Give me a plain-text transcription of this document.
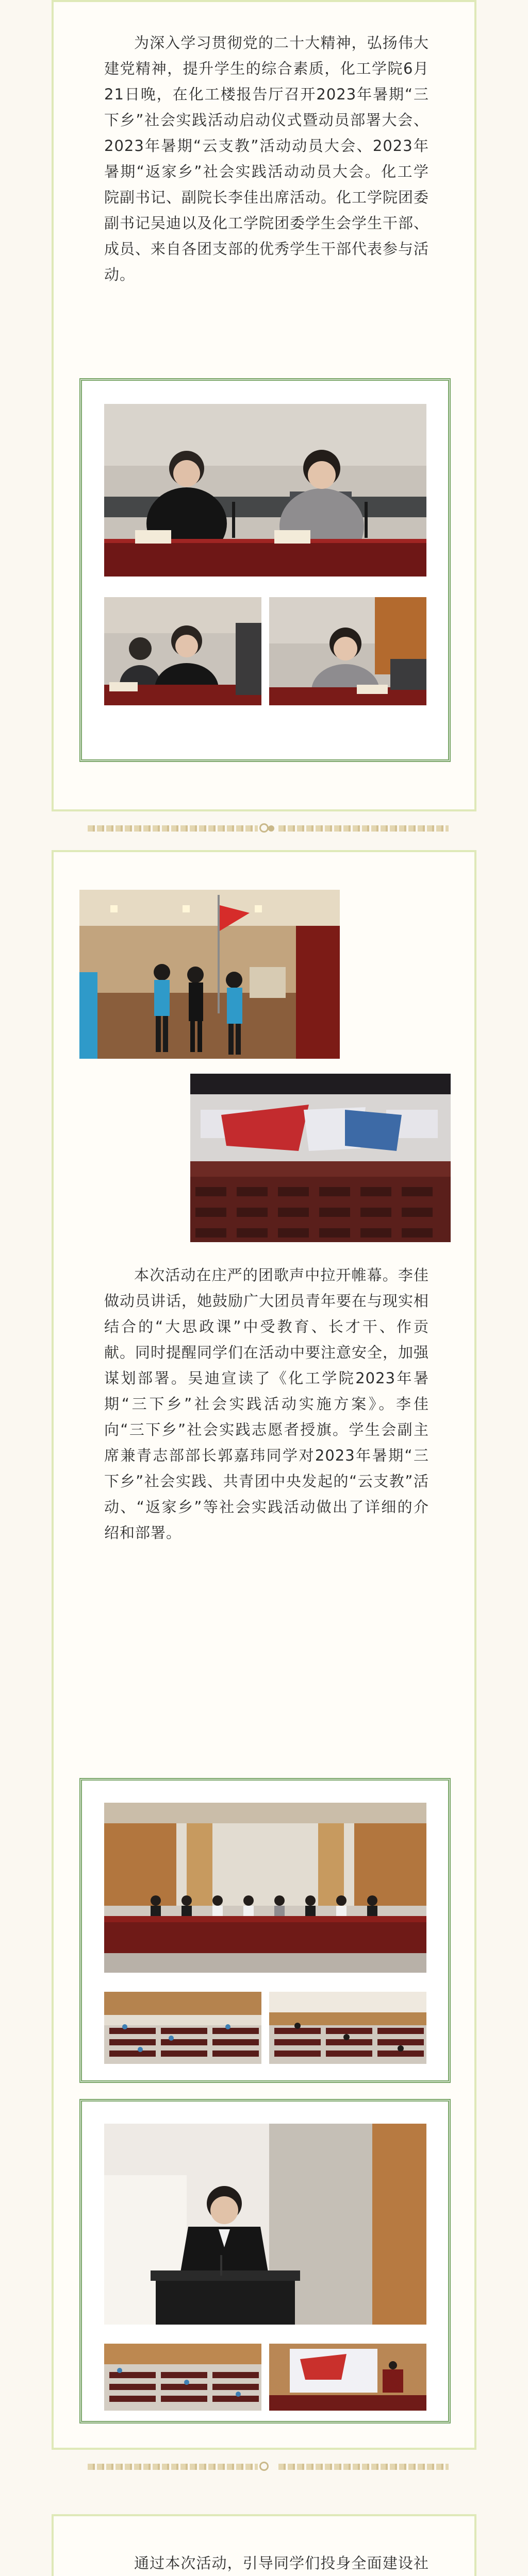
为深入学习贯彻党的二十大精神，弘扬伟大建党精神，提升学生的综合素质，化工学院6月21日晚，在化工楼报告厅召开2023年暑期“三下乡”社会实践活动启动仪式暨动员部署大会、2023年暑期“云支教”活动动员大会、2023年暑期“返家乡”社会实践活动动员大会。化工学院副书记、副院长李佳出席活动。化工学院团委副书记吴迪以及化工学院团委学生会学生干部、成员、来自各团支部的优秀学生干部代表参与活动。

本次活动在庄严的团歌声中拉开帷幕。李佳做动员讲话，她鼓励广大团员青年要在与现实相结合的“大思政课”中受教育、长才干、作贡献。同时提醒同学们在活动中要注意安全，加强谋划部署。吴迪宣读了《化工学院2023年暑期“三下乡”社会实践活动实施方案》。李佳向“三下乡”社会实践志愿者授旗。学生会副主席兼青志部部长郭嘉玮同学对2023年暑期“三下乡”社会实践、共青团中央发起的“云支教”活动、“返家乡”等社会实践活动做出了详细的介绍和部署。

通过本次活动，引导同学们投身全面建设社
